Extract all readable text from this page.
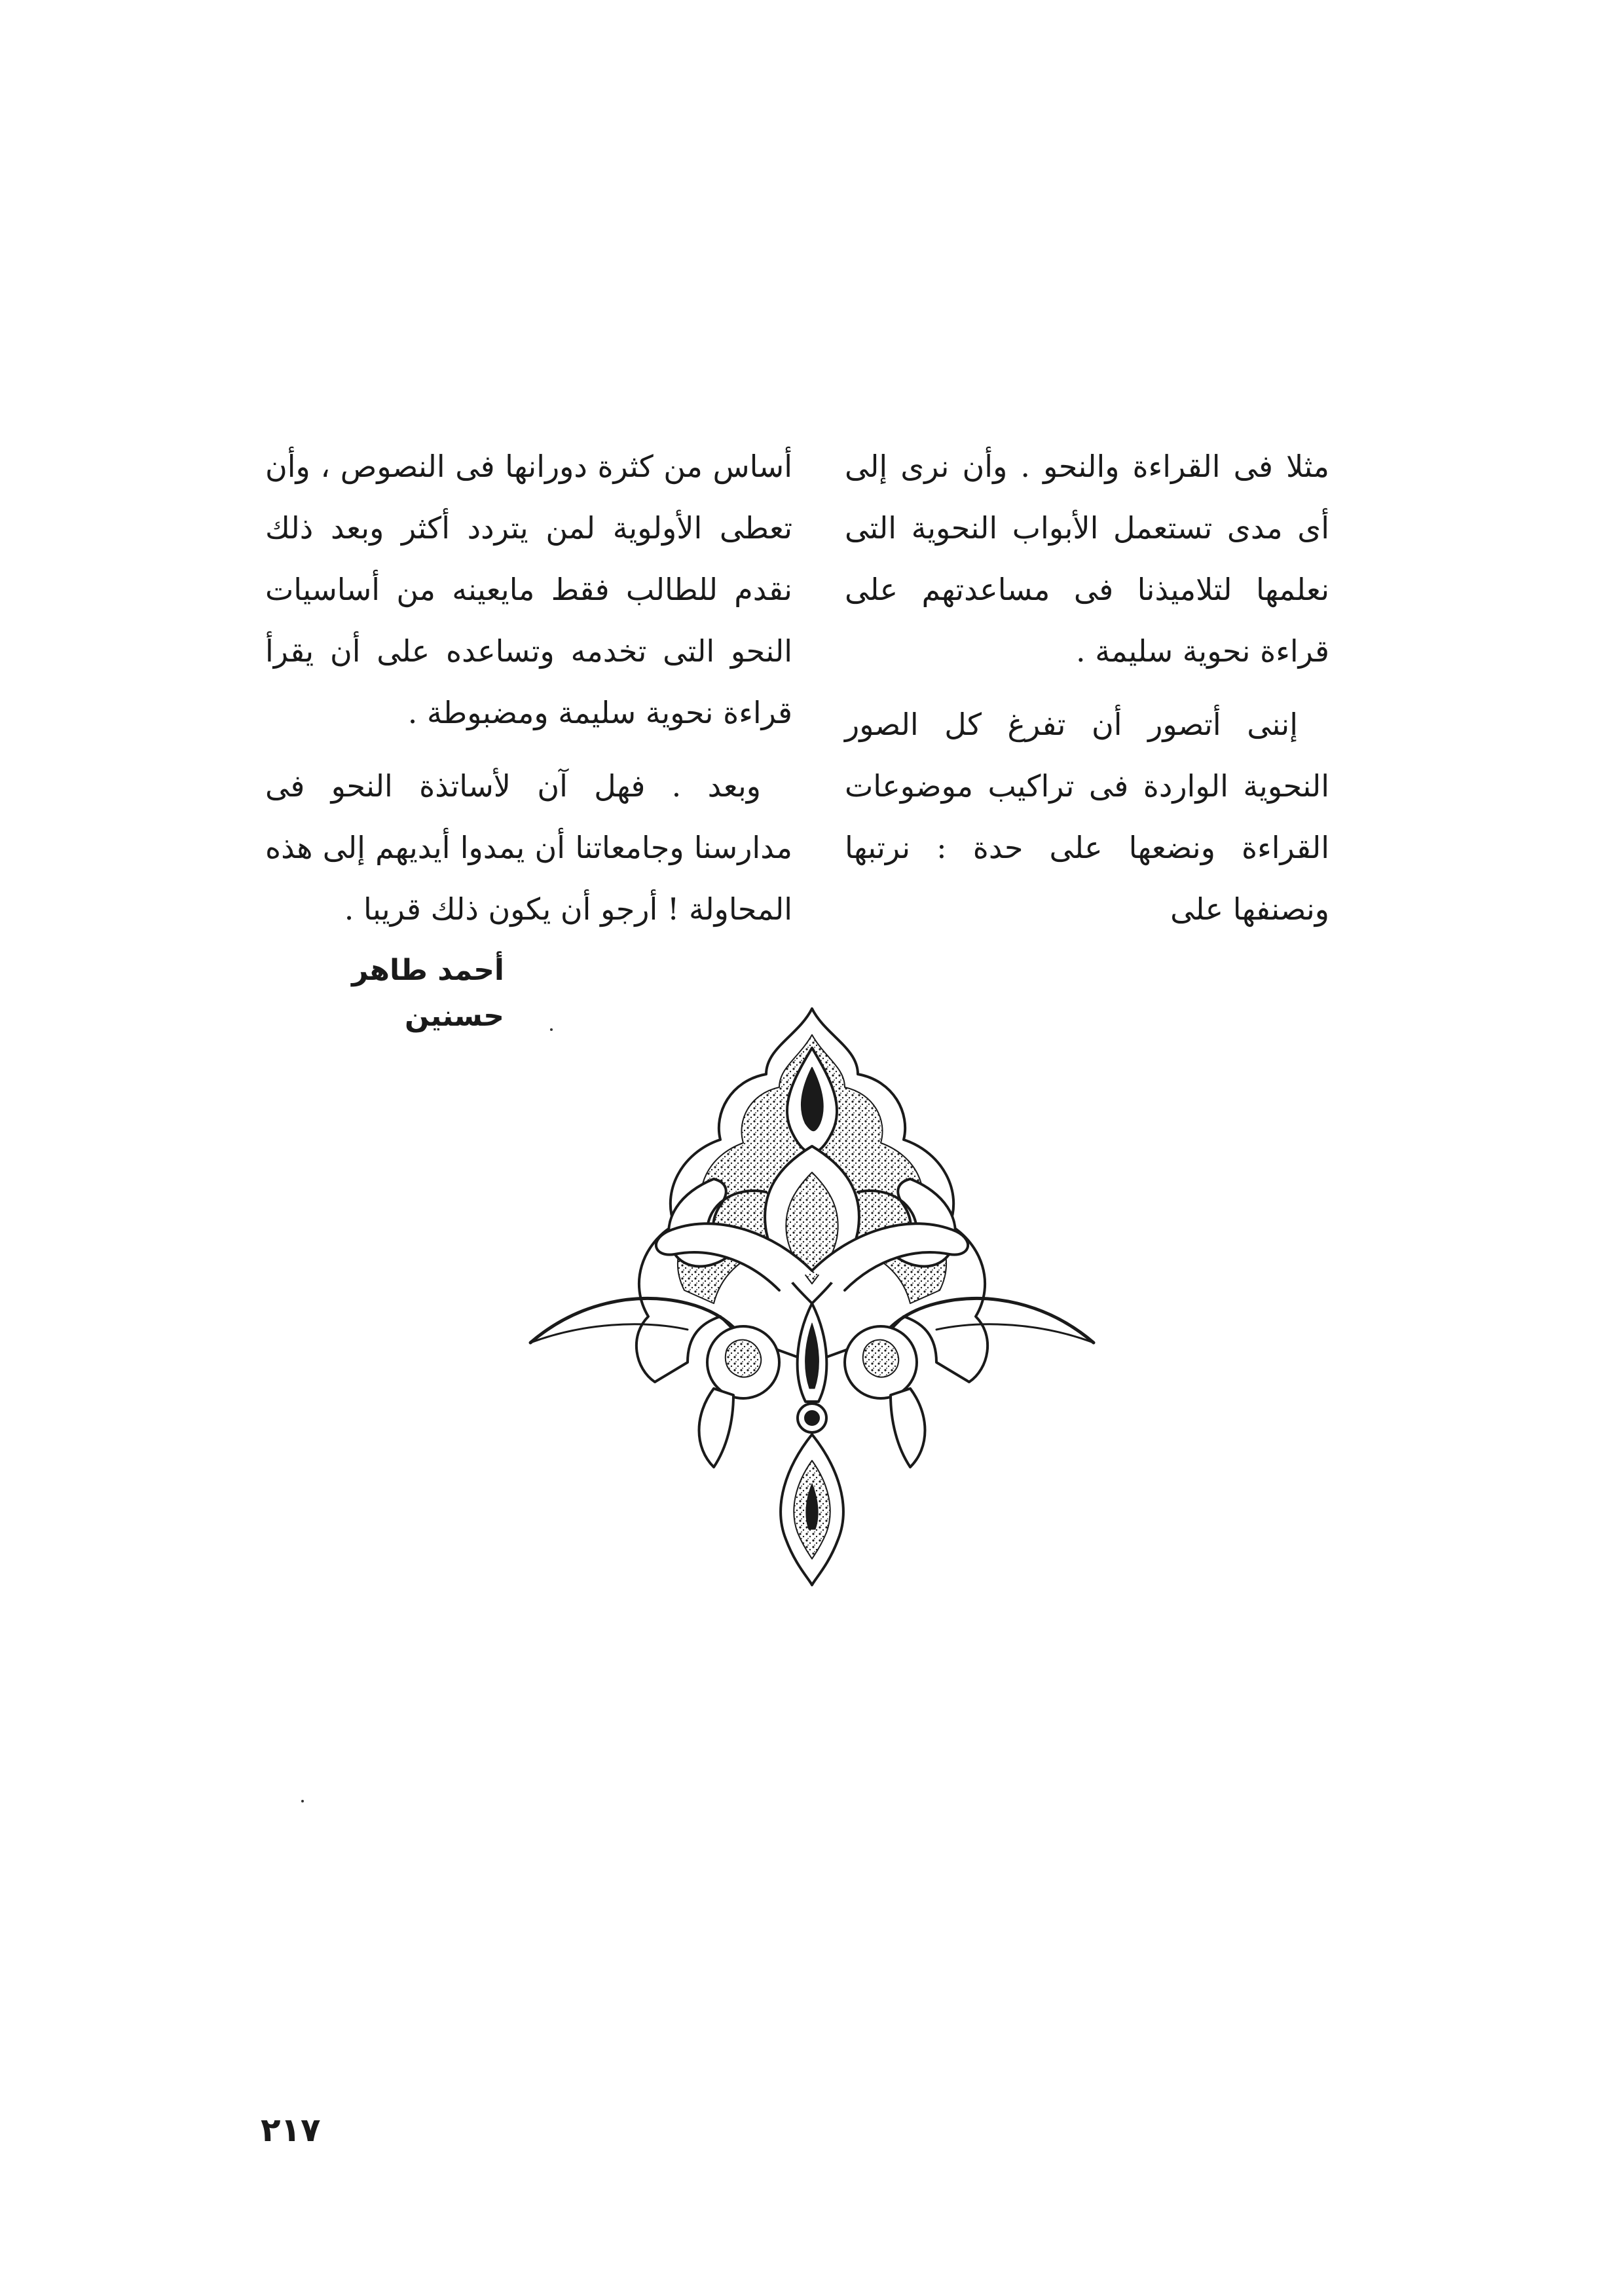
مثلا فى القراءة والنحو . وأن نرى إلى أى مدى تستعمل الأبواب النحوية التى نعلمها لتلاميذنا فى مساعدتهم على قراءة نحوية سليمة .

إننى أتصور أن تفرغ كل الصور النحوية الواردة فى تراكيب موضوعات القراءة ونضعها على حدة : نرتبها ونصنفها على

أساس من كثرة دورانها فى النصوص ، وأن تعطى الأولوية لمن يتردد أكثر وبعد ذلك نقدم للطالب فقط مايعينه من أساسيات النحو التى تخدمه وتساعده على أن يقرأ قراءة نحوية سليمة ومضبوطة .

وبعد . فهل آن لأساتذة النحو فى مدارسنا وجامعاتنا أن يمدوا أيديهم إلى هذه المحاولة ! أرجو أن يكون ذلك قريبا .

أحمد طاهر حسنين

٢١٧
